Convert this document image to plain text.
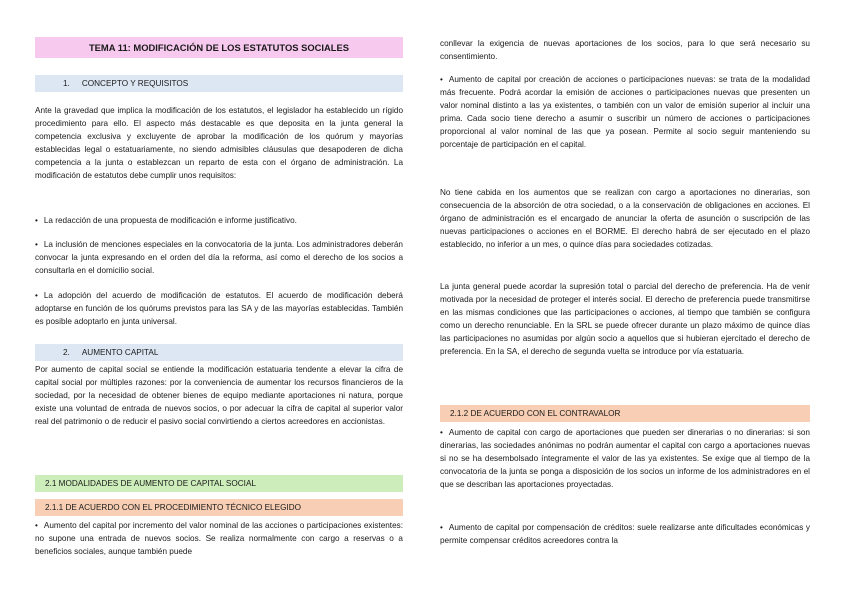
TEMA 11: MODIFICACIÓN DE LOS ESTATUTOS SOCIALES
1. CONCEPTO Y REQUISITOS

Ante la gravedad que implica la modificación de los estatutos, el legislador ha establecido un rígido procedimiento para ello. El aspecto más destacable es que deposita en la junta general la competencia exclusiva y excluyente de aprobar la modificación de los quórum y mayorías establecidas legal o estatuariamente, no siendo admisibles cláusulas que desapoderen de dicha competencia a la junta o establezcan un reparto de esta con el órgano de administración. La modificación de estatutos debe cumplir unos requisitos:

• La redacción de una propuesta de modificación e informe justificativo.

• La inclusión de menciones especiales en la convocatoria de la junta. Los administradores deberán convocar la junta expresando en el orden del día la reforma, así como el derecho de los socios a consultarla en el domicilio social.

• La adopción del acuerdo de modificación de estatutos. El acuerdo de modificación deberá adoptarse en función de los quórums previstos para las SA y de las mayorías establecidas. También es posible adoptarlo en junta universal.

2. AUMENTO CAPITAL

Por aumento de capital social se entiende la modificación estatuaria tendente a elevar la cifra de capital social por múltiples razones: por la conveniencia de aumentar los recursos financieros de la sociedad, por la necesidad de obtener bienes de equipo mediante aportaciones ni natura, porque existe una voluntad de entrada de nuevos socios, o por adecuar la cifra de capital al superior valor real del patrimonio o de reducir el pasivo social convirtiendo a ciertos acreedores en accionistas.

2.1 MODALIDADES DE AUMENTO DE CAPITAL SOCIAL
2.1.1 DE ACUERDO CON EL PROCEDIMIENTO TÉCNICO ELEGIDO

• Aumento del capital por incremento del valor nominal de las acciones o participaciones existentes: no supone una entrada de nuevos socios. Se realiza normalmente con cargo a reservas o a beneficios sociales, aunque también puede

conllevar la exigencia de nuevas aportaciones de los socios, para lo que será necesario su consentimiento.

• Aumento de capital por creación de acciones o participaciones nuevas: se trata de la modalidad más frecuente. Podrá acordar la emisión de acciones o participaciones nuevas que presenten un valor nominal distinto a las ya existentes, o también con un valor de emisión superior al incluir una prima. Cada socio tiene derecho a asumir o suscribir un número de acciones o participaciones proporcional al valor nominal de las que ya posean. Permite al socio seguir manteniendo su porcentaje de participación en el capital.

No tiene cabida en los aumentos que se realizan con cargo a aportaciones no dinerarias, son consecuencia de la absorción de otra sociedad, o a la conservación de obligaciones en acciones. El órgano de administración es el encargado de anunciar la oferta de asunción o suscripción de las nuevas participaciones o acciones en el BORME. El derecho habrá de ser ejecutado en el plazo establecido, no inferior a un mes, o quince días para sociedades cotizadas.

La junta general puede acordar la supresión total o parcial del derecho de preferencia. Ha de venir motivada por la necesidad de proteger el interés social. El derecho de preferencia puede transmitirse en las mismas condiciones que las participaciones o acciones, al tiempo que también se configura como un derecho renunciable. En la SRL se puede ofrecer durante un plazo máximo de quince días las participaciones no asumidas por algún socio a aquellos que si hubieran ejercitado el derecho de preferencia. En la SA, el derecho de segunda vuelta se introduce por vía estatuaria.

2.1.2 DE ACUERDO CON EL CONTRAVALOR

• Aumento de capital con cargo de aportaciones que pueden ser dinerarias o no dinerarias: si son dinerarias, las sociedades anónimas no podrán aumentar el capital con cargo a aportaciones nuevas si no se ha desembolsado íntegramente el valor de las ya existentes. Se exige que al tiempo de la convocatoria de la junta se ponga a disposición de los socios un informe de los administradores en el que se describan las aportaciones proyectadas.

• Aumento de capital por compensación de créditos: suele realizarse ante dificultades económicas y permite compensar créditos acreedores contra la
